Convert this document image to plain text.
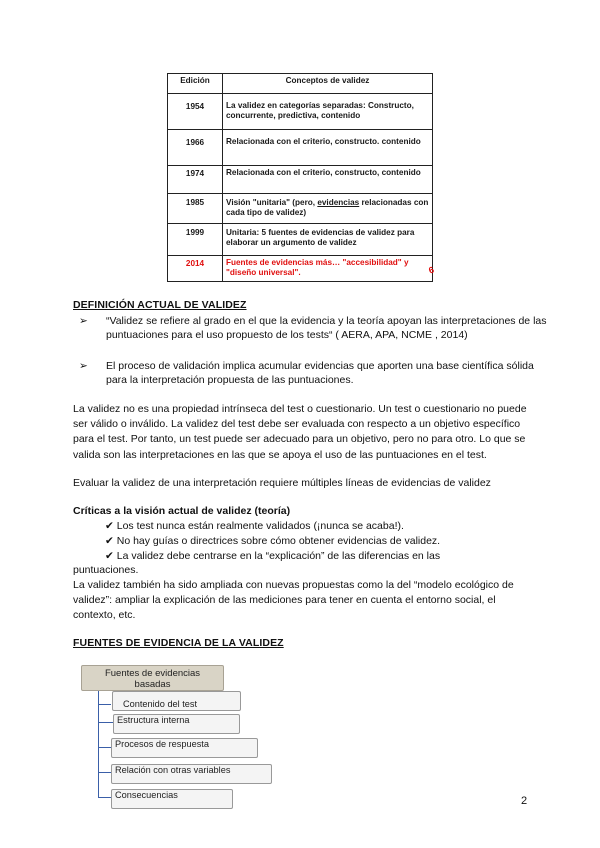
Edición	Conceptos de validez
1954	La validez en categorías separadas: Constructo, concurrente, predictiva, contenido
1966	Relacionada con el criterio, constructo. contenido
1974	Relacionada con el criterio, constructo, contenido
1985	Visión "unitaria" (pero, evidencias relacionadas con cada tipo de validez)
1999	Unitaria: 5 fuentes de evidencias de validez para
elaborar un argumento de validez

2014	Fuentes de evidencias más… "accesibilidad" y "diseño universal". 6
DEFINICIÓN ACTUAL DE VALIDEZ
➢	“Validez se refiere al grado en el que la evidencia y la teoría apoyan las interpretaciones de las puntuaciones para el uso propuesto de los tests“ ( AERA, APA, NCME , 2014)
➢	El proceso de validación implica acumular evidencias que aporten una base científica sólida para la interpretación propuesta de las puntuaciones.
La validez no es una propiedad intrínseca del test o cuestionario. Un test o cuestionario no puede ser válido o inválido. La validez del test debe ser evaluada con respecto a un objetivo específico para el test. Por tanto, un test puede ser adecuado para un objetivo, pero no para otro. Lo que se valida son las interpretaciones en las que se apoya el uso de las puntuaciones en el test.
Evaluar la validez de una interpretación requiere múltiples líneas de evidencias de validez
Críticas a la visión actual de validez (teoría)
✔ Los test nunca están realmente validados (¡nunca se acaba!).
✔ No hay guías o directrices sobre cómo obtener evidencias de validez.
✔ La validez debe centrarse en la “explicación” de las diferencias en las
puntuaciones.
La validez también ha sido ampliada con nuevas propuestas como la del “modelo ecológico de validez”: ampliar la explicación de las mediciones para tener en cuenta el entorno social, el contexto, etc.
FUENTES DE EVIDENCIA DE LA VALIDEZ
Fuentes de evidencias
basadas
Contenido del test
Estructura interna
Procesos de respuesta
Relación con otras variables
Consecuencias	2
